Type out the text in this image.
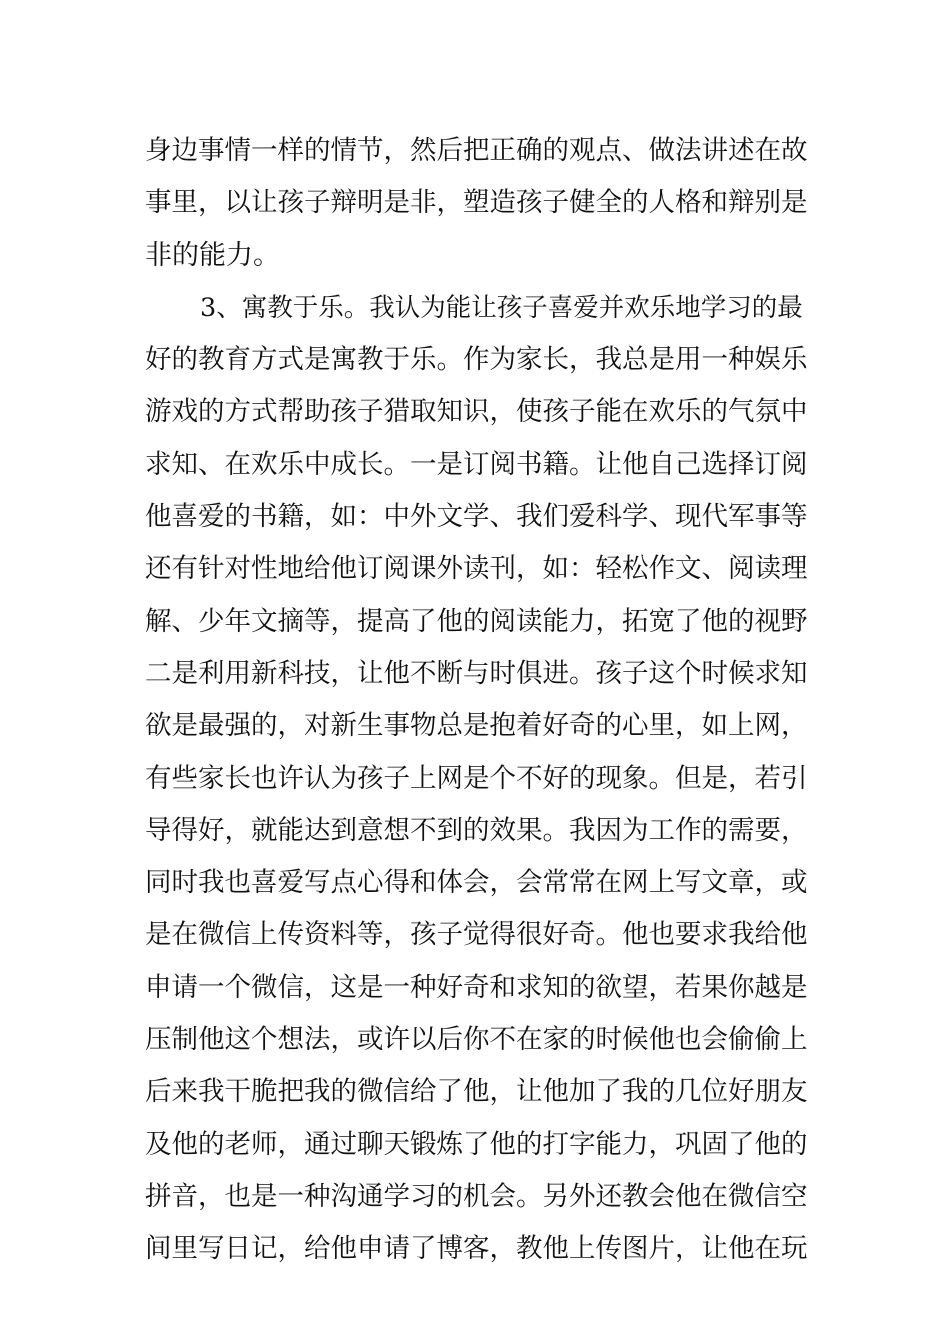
身边事情一样的情节，然后把正确的观点、做法讲述在故
事里，以让孩子辩明是非，塑造孩子健全的人格和辩别是
非的能力。
3、寓教于乐。我认为能让孩子喜爱并欢乐地学习的最
好的教育方式是寓教于乐。作为家长，我总是用一种娱乐
游戏的方式帮助孩子猎取知识，使孩子能在欢乐的气氛中
求知、在欢乐中成长。一是订阅书籍。让他自己选择订阅
他喜爱的书籍，如：中外文学、我们爱科学、现代军事等
还有针对性地给他订阅课外读刊，如：轻松作文、阅读理
解、少年文摘等，提高了他的阅读能力，拓宽了他的视野
二是利用新科技，让他不断与时俱进。孩子这个时候求知
欲是最强的，对新生事物总是抱着好奇的心里，如上网，
有些家长也许认为孩子上网是个不好的现象。但是，若引
导得好，就能达到意想不到的效果。我因为工作的需要，
同时我也喜爱写点心得和体会，会常常在网上写文章，或
是在微信上传资料等，孩子觉得很好奇。他也要求我给他
申请一个微信，这是一种好奇和求知的欲望，若果你越是
压制他这个想法，或许以后你不在家的时候他也会偷偷上
后来我干脆把我的微信给了他，让他加了我的几位好朋友
及他的老师，通过聊天锻炼了他的打字能力，巩固了他的
拼音，也是一种沟通学习的机会。另外还教会他在微信空
间里写日记，给他申请了博客，教他上传图片，让他在玩
